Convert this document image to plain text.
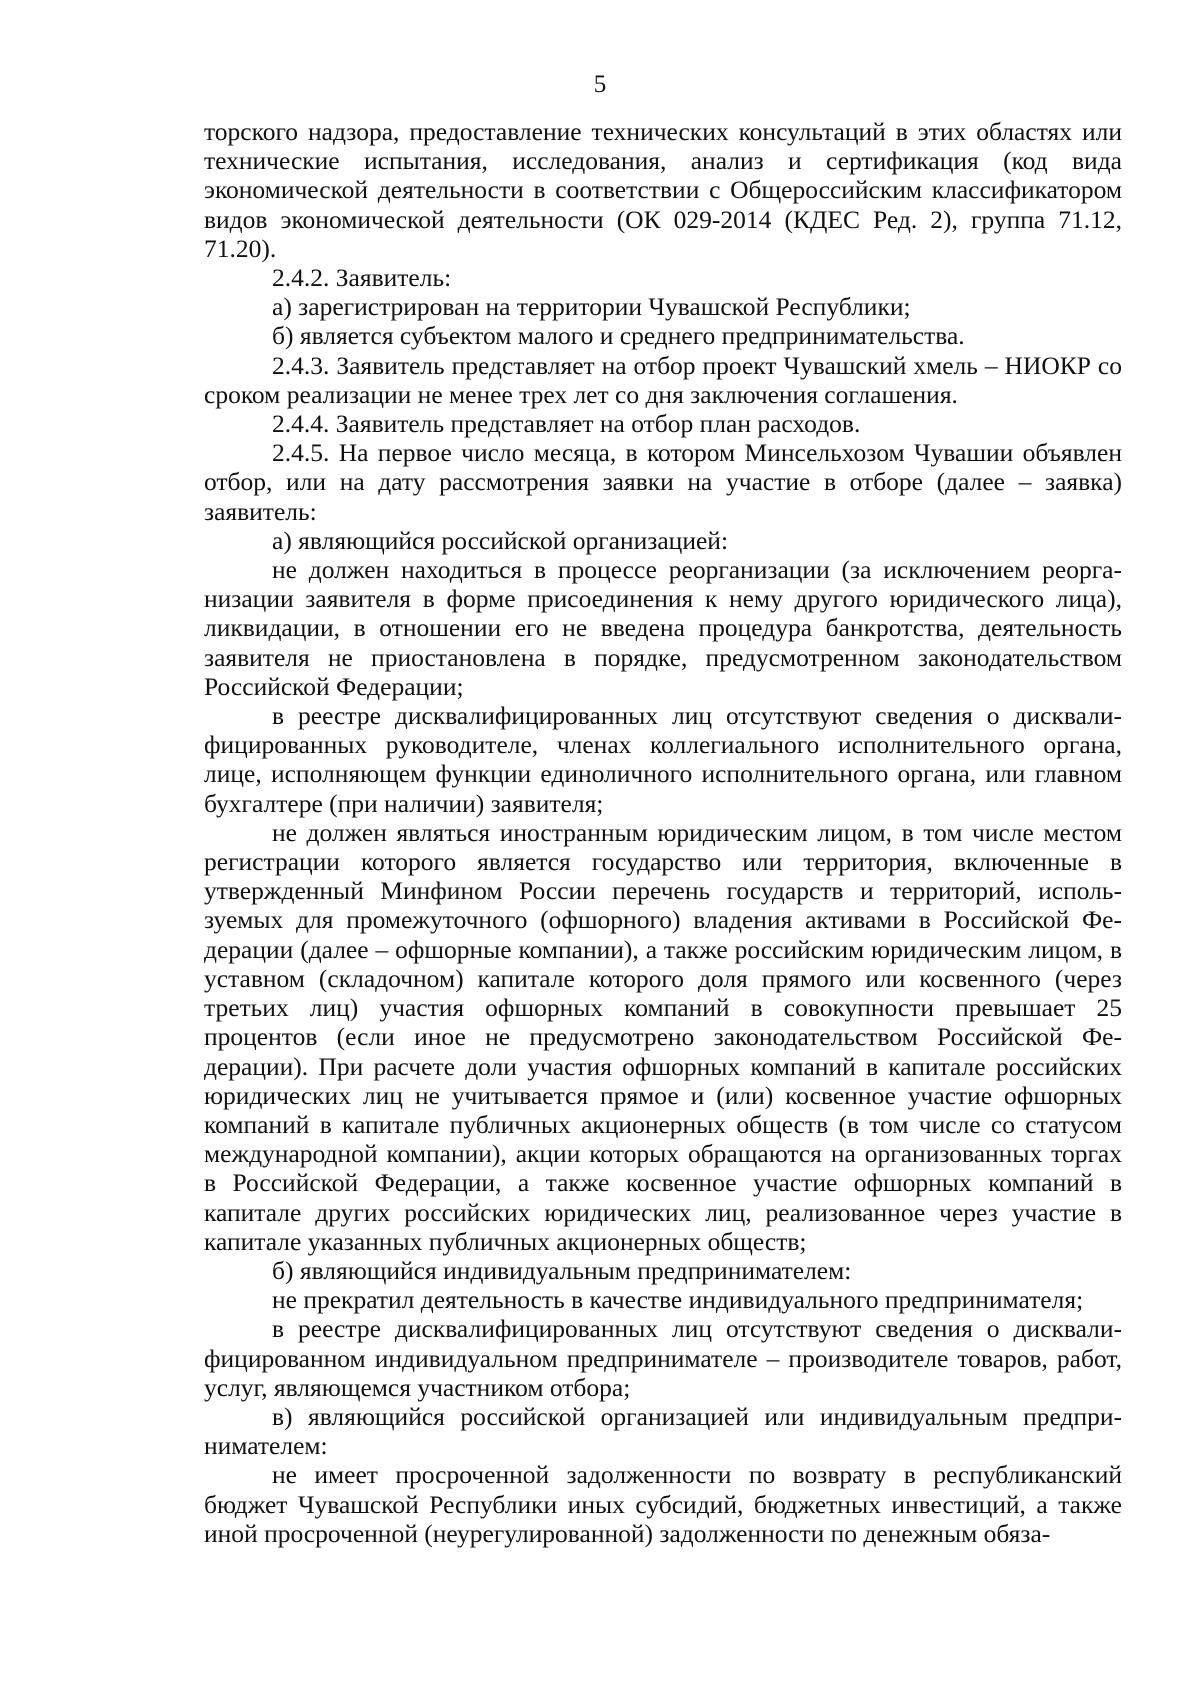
5

торского надзора, предоставление технических консультаций в этих областях или технические испытания, исследования, анализ и сертификация (код вида экономической деятельности в соответствии с Общероссийским классификатором видов экономической деятельности (ОК 029-2014 (КДЕС Ред. 2), группа 71.12, 71.20).

2.4.2. Заявитель:

а) зарегистрирован на территории Чувашской Республики;

б) является субъектом малого и среднего предпринимательства.

2.4.3. Заявитель представляет на отбор проект Чувашский хмель – НИОКР со сроком реализации не менее трех лет со дня заключения соглашения.

2.4.4. Заявитель представляет на отбор план расходов.

2.4.5. На первое число месяца, в котором Минсельхозом Чувашии объявлен отбор, или на дату рассмотрения заявки на участие в отборе (далее – заявка) заявитель:

а) являющийся российской организацией:

не должен находиться в процессе реорганизации (за исключением реорганизации заявителя в форме присоединения к нему другого юридического лица), ликвидации, в отношении его не введена процедура банкротства, деятельность заявителя не приостановлена в порядке, предусмотренном законодательством Российской Федерации;

в реестре дисквалифицированных лиц отсутствуют сведения о дисквалифицированных руководителе, членах коллегиального исполнительного органа, лице, исполняющем функции единоличного исполнительного органа, или главном бухгалтере (при наличии) заявителя;

не должен являться иностранным юридическим лицом, в том числе местом регистрации которого является государство или территория, включенные в утвержденный Минфином России перечень государств и территорий, используемых для промежуточного (офшорного) владения активами в Российской Федерации (далее – офшорные компании), а также российским юридическим лицом, в уставном (складочном) капитале которого доля прямого или косвенного (через третьих лиц) участия офшорных компаний в совокупности превышает 25 процентов (если иное не предусмотрено законодательством Российской Федерации). При расчете доли участия офшорных компаний в капитале российских юридических лиц не учитывается прямое и (или) косвенное участие офшорных компаний в капитале публичных акционерных обществ (в том числе со статусом международной компании), акции которых обращаются на организованных торгах в Российской Федерации, а также косвенное участие офшорных компаний в капитале других российских юридических лиц, реализованное через участие в капитале указанных публичных акционерных обществ;

б) являющийся индивидуальным предпринимателем:

не прекратил деятельность в качестве индивидуального предпринимателя;

в реестре дисквалифицированных лиц отсутствуют сведения о дисквалифицированном индивидуальном предпринимателе – производителе товаров, работ, услуг, являющемся участником отбора;

в) являющийся российской организацией или индивидуальным предпринимателем:

не имеет просроченной задолженности по возврату в республиканский бюджет Чувашской Республики иных субсидий, бюджетных инвестиций, а также иной просроченной (неурегулированной) задолженности по денежным обяза-
